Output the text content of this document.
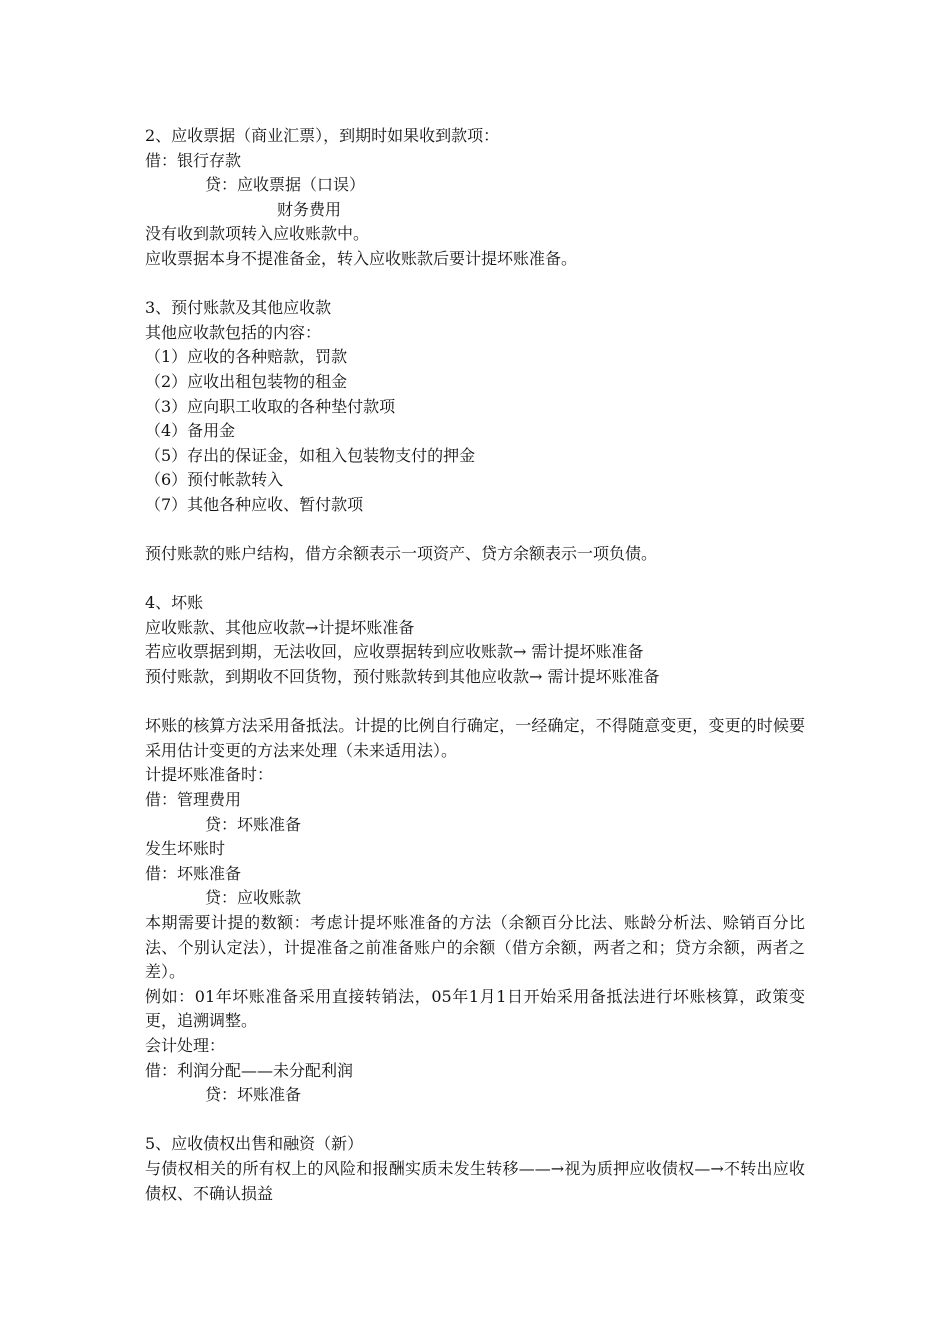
2、应收票据（商业汇票），到期时如果收到款项：
借：银行存款
贷：应收票据（口误）
财务费用
没有收到款项转入应收账款中。
应收票据本身不提准备金，转入应收账款后要计提坏账准备。
3、预付账款及其他应收款
其他应收款包括的内容：
（1）应收的各种赔款，罚款
（2）应收出租包装物的租金
（3）应向职工收取的各种垫付款项
（4）备用金
（5）存出的保证金，如租入包装物支付的押金
（6）预付帐款转入
（7）其他各种应收、暂付款项
预付账款的账户结构，借方余额表示一项资产、贷方余额表示一项负债。
4、坏账
应收账款、其他应收款→计提坏账准备
若应收票据到期，无法收回，应收票据转到应收账款→ 需计提坏账准备
预付账款，到期收不回货物，预付账款转到其他应收款→ 需计提坏账准备
坏账的核算方法采用备抵法。计提的比例自行确定，一经确定，不得随意变更，变更的时候要采用估计变更的方法来处理（未来适用法）。
计提坏账准备时：
借：管理费用
贷：坏账准备
发生坏账时
借：坏账准备
贷：应收账款
本期需要计提的数额：考虑计提坏账准备的方法（余额百分比法、账龄分析法、赊销百分比法、个别认定法），计提准备之前准备账户的余额（借方余额，两者之和；贷方余额，两者之差）。
例如：01年坏账准备采用直接转销法，05年1月1日开始采用备抵法进行坏账核算，政策变更，追溯调整。
会计处理：
借：利润分配——未分配利润
贷：坏账准备
5、应收债权出售和融资（新）
与债权相关的所有权上的风险和报酬实质未发生转移——→视为质押应收债权—→不转出应收债权、不确认损益
